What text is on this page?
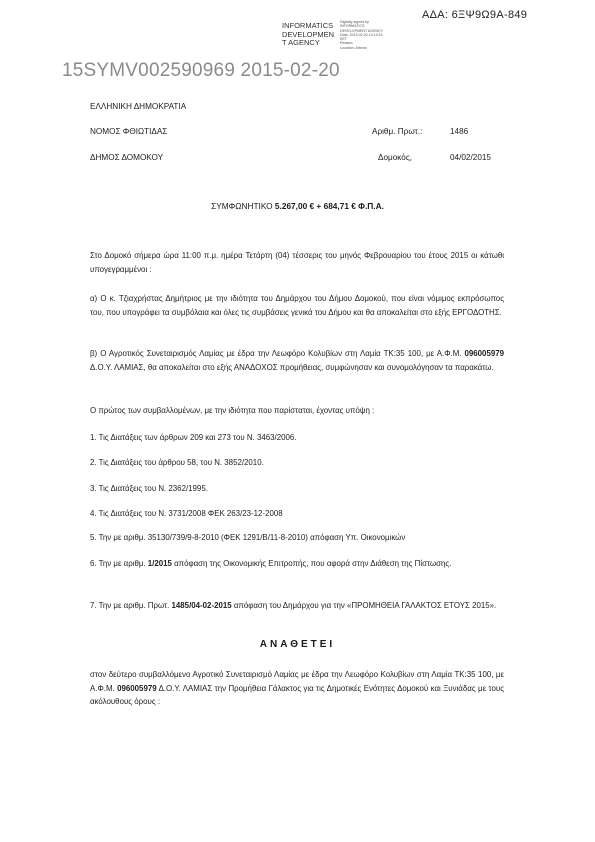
ΑΔΑ: 6ΞΨ9Ω9Α-849
INFORMATICS
DEVELOPMEN
T AGENCY
Digitally signed by
INFORMATICS
DEVELOPMENT AGENCY
Date: 2015.02.20 14:19:10
EET
Reason:
Location: Athens
15SYMV002590969 2015-02-20
ΕΛΛΗΝΙΚΗ ΔΗΜΟΚΡΑΤΙΑ
ΝΟΜΟΣ ΦΘΙΩΤΙΔΑΣ	Αριθμ. Πρωτ.:	1486
ΔΗΜΟΣ ΔΟΜΟΚΟΥ	Δομοκός,	04/02/2015
ΣΥΜΦΩΝΗΤΙΚΟ 5.267,00 € + 684,71 € Φ.Π.Α.
Στο Δομοκό σήμερα ώρα 11:00 π.μ. ημέρα Τετάρτη (04) τέσσερις του μηνός Φεβρουαρίου του έτους 2015 οι κάτωθι υπογεγραμμένοι :
α) Ο κ. Τζιαχρήστας Δημήτριος με την ιδιότητα του Δημάρχου του Δήμου Δομοκού, που είναι νόμιμος εκπρόσωπος του, που υπογράφει τα συμβόλαια και όλες τις συμβάσεις γενικά του Δήμου και θα αποκαλείται στο εξής ΕΡΓΟΔΟΤΗΣ.
β) Ο Αγροτικός Συνεταιρισμός Λαμίας με έδρα την Λεωφόρο Κολυβίων στη Λαμία ΤΚ:35 100, με Α.Φ.Μ. 096005979 Δ.Ο.Υ. ΛΑΜΙΑΣ, θα αποκαλείται στο εξής ΑΝΑΔΟΧΟΣ προμήθειας, συμφώνησαν και συνομολόγησαν τα παρακάτω.
Ο πρώτος των συμβαλλομένων, με την ιδιότητα που παρίσταται, έχοντας υπόψη :
1. Τις Διατάξεις των άρθρων 209 και 273 του Ν. 3463/2006.
2. Τις Διατάξεις του άρθρου 58, του Ν. 3852/2010.
3. Τις Διατάξεις του Ν. 2362/1995.
4. Τις Διατάξεις του Ν. 3731/2008 ΦΕΚ 263/23-12-2008
5. Την με αριθμ. 35130/739/9-8-2010 (ΦΕΚ 1291/Β/11-8-2010) απόφαση Υπ. Οικονομικών
6. Την με αριθμ. 1/2015 απόφαση της Οικονομικής Επιτροπής, που αφορά στην Διάθεση της Πίστωσης.
7. Την με αριθμ. Πρωτ. 1485/04-02-2015 απόφαση του Δημάρχου για την «ΠΡΟΜΗΘΕΙΑ ΓΑΛΑΚΤΟΣ ΕΤΟΥΣ 2015».
ΑΝΑΘΕΤΕΙ
στον δεύτερο συμβαλλόμενο Αγροτικό Συνεταιρισμό Λαμίας με έδρα την Λεωφόρο Κολυβίων στη Λαμία ΤΚ:35 100, με Α.Φ.Μ. 096005979 Δ.Ο.Υ. ΛΑΜΙΑΣ την Προμήθεια Γάλακτος για τις Δημοτικές Ενότητες Δομοκού και Ξυνιάδας με τους ακόλουθους όρους :
